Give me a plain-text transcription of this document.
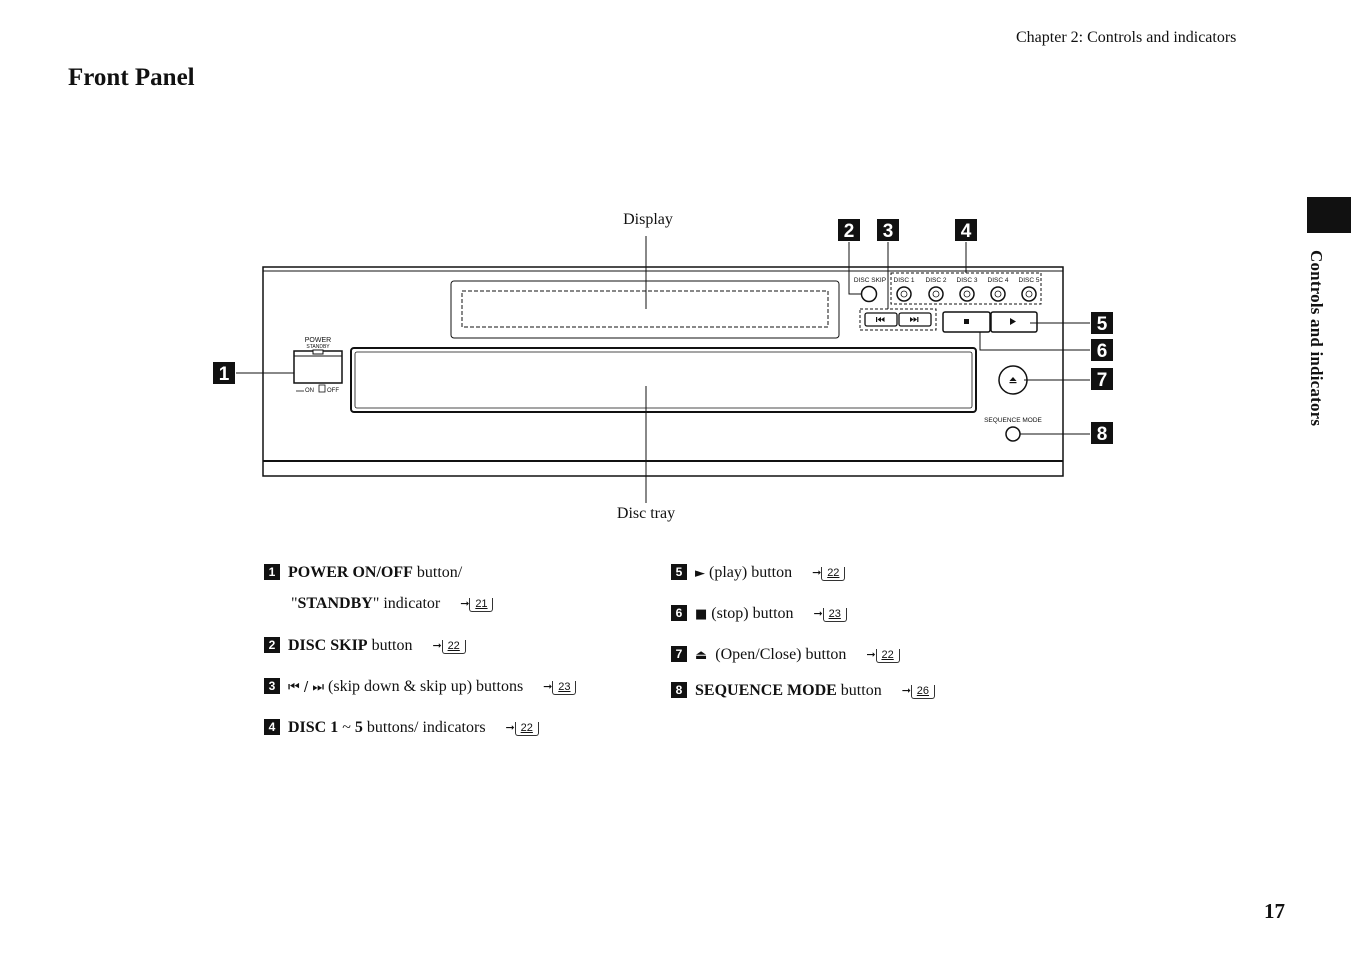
Chapter 2: Controls and indicators
Front Panel
Controls and indicators
Display
Disc tray
POWER
STANDBY
ON OFF
DISC SKIP DISC 1 DISC 2 DISC 3 DISC 4 DISC 5
SEQUENCE MODE
1
2 3	4
5
6
7
8
1 POWER ON/OFF button/
"STANDBY" indicator ➞ 21
2 DISC SKIP button ➞ 22
3 ⏮ / ⏭ (skip down & skip up) buttons ➞ 23
4 DISC 1 ~ 5 buttons/ indicators ➞ 22
5 ► (play) button ➞ 22
6 ■ (stop) button ➞ 23
7 ⏏  (Open/Close) button ➞ 22
8 SEQUENCE MODE button ➞ 26
17
